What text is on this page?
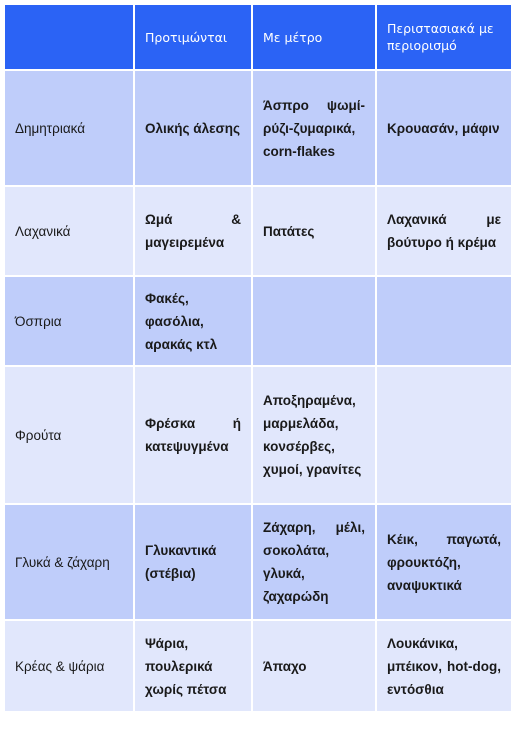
	Προτιμώνται	Με μέτρο	Περιστασιακά με περιορισμό
Δημητριακά	Ολικής άλεσης	Άσπρο ψωμί-ρύζι-ζυμαρικά, corn-flakes	Κρουασάν, μάφιν
Λαχανικά	Ωμά & μαγειρεμένα	Πατάτες	Λαχανικά με βούτυρο ή κρέμα
Όσπρια	Φακές, φασόλια, αρακάς κτλ		
Φρούτα	Φρέσκα ή κατεψυγμένα	Αποξηραμένα, μαρμελάδα, κονσέρβες, χυμοί, γρανίτες	
Γλυκά & ζάχαρη	Γλυκαντικά (στέβια)	Ζάχαρη, μέλι, σοκολάτα, γλυκά, ζαχαρώδη	Κέικ, παγωτά, φρουκτόζη, αναψυκτικά
Κρέας & ψάρια	Ψάρια, πουλερικά χωρίς πέτσα	Άπαχο	Λουκάνικα, μπέικον, hot-dog, εντόσθια
